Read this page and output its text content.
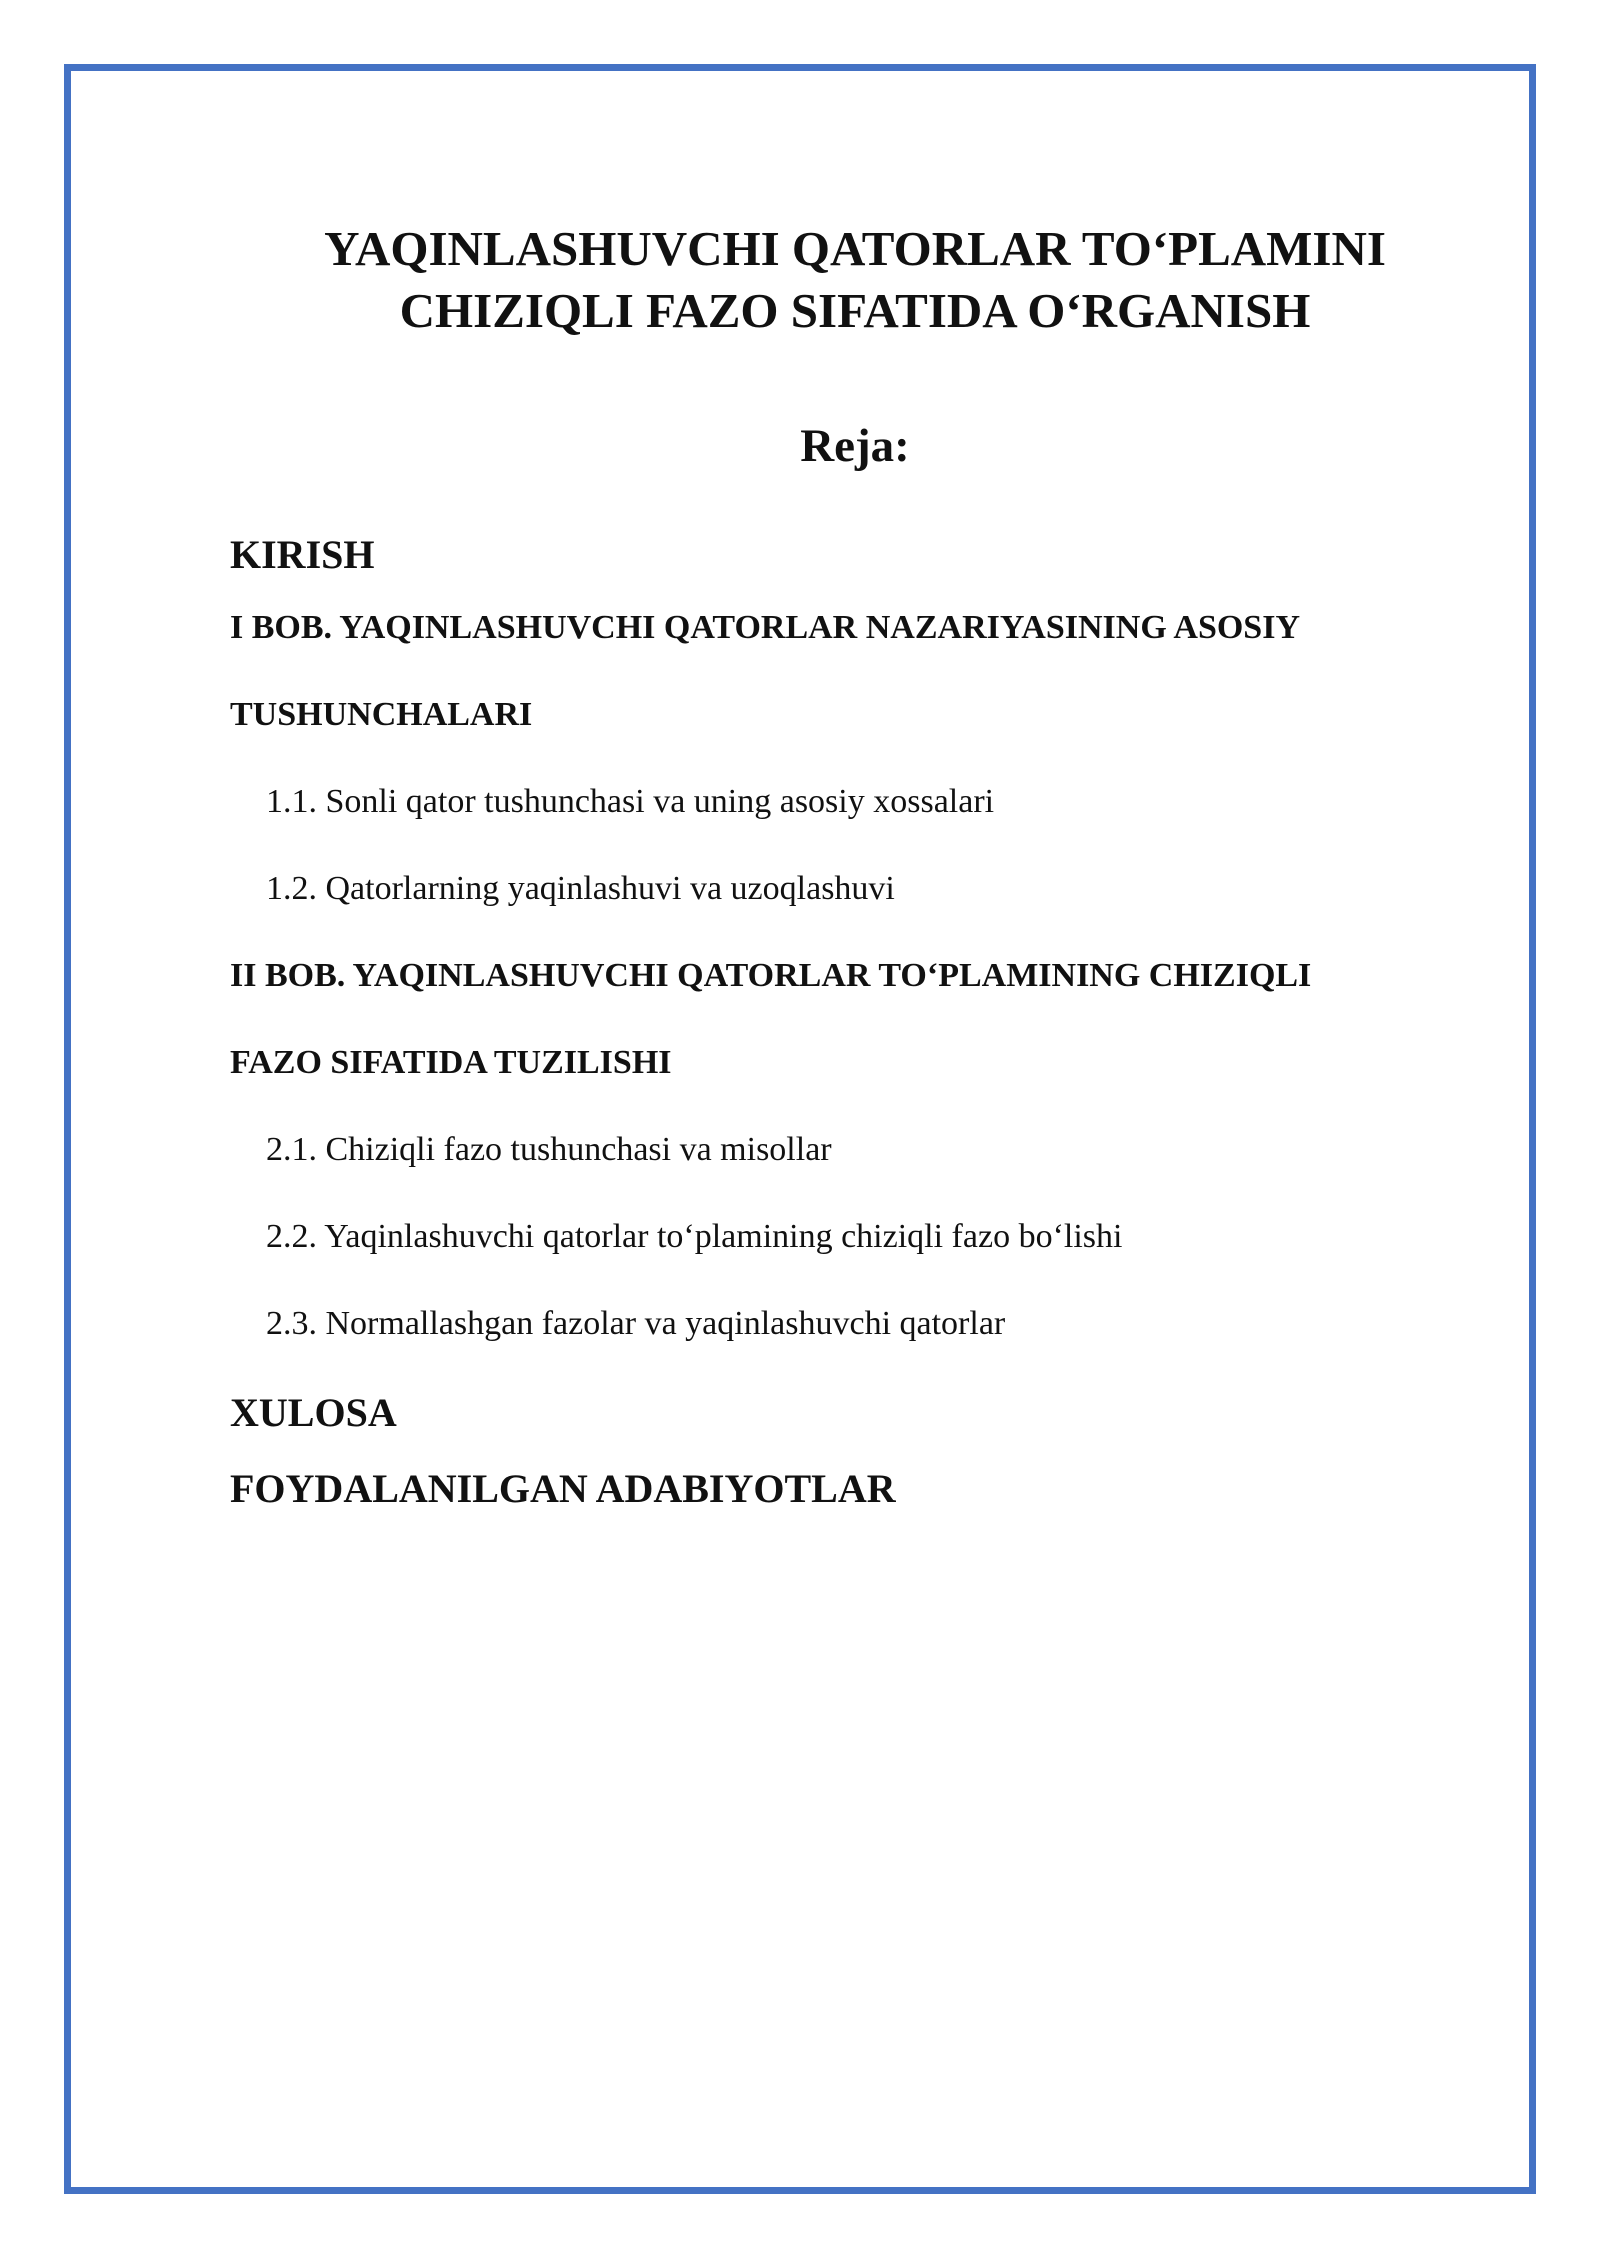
YAQINLASHUVCHI QATORLAR TO‘PLAMINI
CHIZIQLI FAZO SIFATIDA O‘RGANISH
Reja:

KIRISH

I BOB. YAQINLASHUVCHI QATORLAR NAZARIYASINING ASOSIY

TUSHUNCHALARI

1.1. Sonli qator tushunchasi va uning asosiy xossalari

1.2. Qatorlarning yaqinlashuvi va uzoqlashuvi

II BOB. YAQINLASHUVCHI QATORLAR TO‘PLAMINING CHIZIQLI

FAZO SIFATIDA TUZILISHI

2.1. Chiziqli fazo tushunchasi va misollar

2.2. Yaqinlashuvchi qatorlar to‘plamining chiziqli fazo bo‘lishi

2.3. Normallashgan fazolar va yaqinlashuvchi qatorlar

XULOSA

FOYDALANILGAN ADABIYOTLAR
